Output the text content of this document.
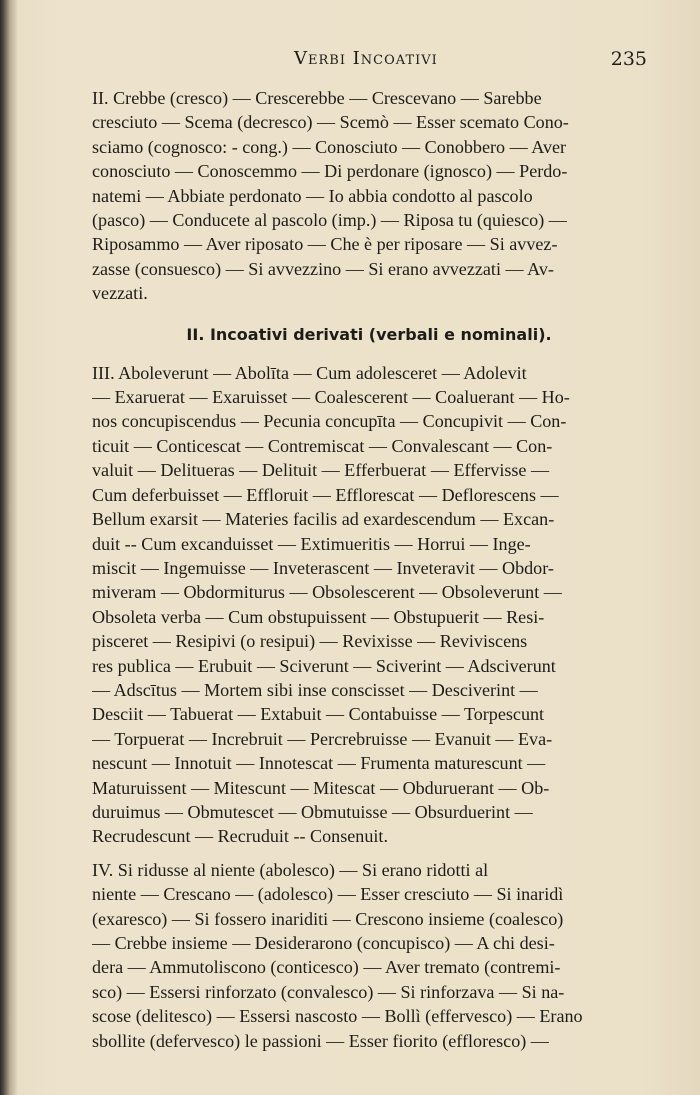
Verbi Incoativi	235
II. Crebbe (cresco) — Crescerebbe — Crescevano — Sarebbe
cresciuto — Scema (decresco) — Scemò — Esser scemato Cono-
sciamo (cognosco: - cong.) — Conosciuto — Conobbero — Aver
conosciuto — Conoscemmo — Di perdonare (ignosco) — Perdo-
natemi — Abbiate perdonato — Io abbia condotto al pascolo
(pasco) — Conducete al pascolo (imp.) — Riposa tu (quiesco) —
Riposammo — Aver riposato — Che è per riposare — Si avvez-
zasse (consuesco) — Si avvezzino — Si erano avvezzati — Av-
vezzati.
II. Incoativi derivati (verbali e nominali).
III. Aboleverunt — Abolīta — Cum adolesceret — Adolevit
— Exaruerat — Exaruisset — Coalescerent — Coaluerant — Ho-
nos concupiscendus — Pecunia concupīta — Concupivit — Con-
ticuit — Conticescat — Contremiscat — Convalescant — Con-
valuit — Delitueras — Delituit — Efferbuerat — Effervisse —
Cum deferbuisset — Effloruit — Efflorescat — Deflorescens —
Bellum exarsit — Materies facilis ad exardescendum — Excan-
duit -- Cum excanduisset — Extimueritis — Horrui — Inge-
miscit — Ingemuisse — Inveterascent — Inveteravit — Obdor-
miveram — Obdormiturus — Obsolescerent — Obsoleverunt —
Obsoleta verba — Cum obstupuissent — Obstupuerit — Resi-
pisceret — Resipivi (o resipui) — Revixisse — Reviviscens
res publica — Erubuit — Sciverunt — Sciverint — Adsciverunt
— Adscītus — Mortem sibi inse conscisset — Desciverint —
Desciit — Tabuerat — Extabuit — Contabuisse — Torpescunt
— Torpuerat — Increbruit — Percrebruisse — Evanuit — Eva-
nescunt — Innotuit — Innotescat — Frumenta maturescunt —
Maturuissent — Mitescunt — Mitescat — Obduruerant — Ob-
duruimus — Obmutescet — Obmutuisse — Obsurduerint —
Recrudescunt — Recruduit -- Consenuit.
IV. Si ridusse al niente (abolesco) — Si erano ridotti al
niente — Crescano — (adolesco) — Esser cresciuto — Si inaridì
(exaresco) — Si fossero inariditi — Crescono insieme (coalesco)
— Crebbe insieme — Desiderarono (concupisco) — A chi desi-
dera — Ammutoliscono (conticesco) — Aver tremato (contremi-
sco) — Essersi rinforzato (convalesco) — Si rinforzava — Si na-
scose (delitesco) — Essersi nascosto — Bollì (effervesco) — Erano
sbollite (defervesco) le passioni — Esser fiorito (effloresco) —
